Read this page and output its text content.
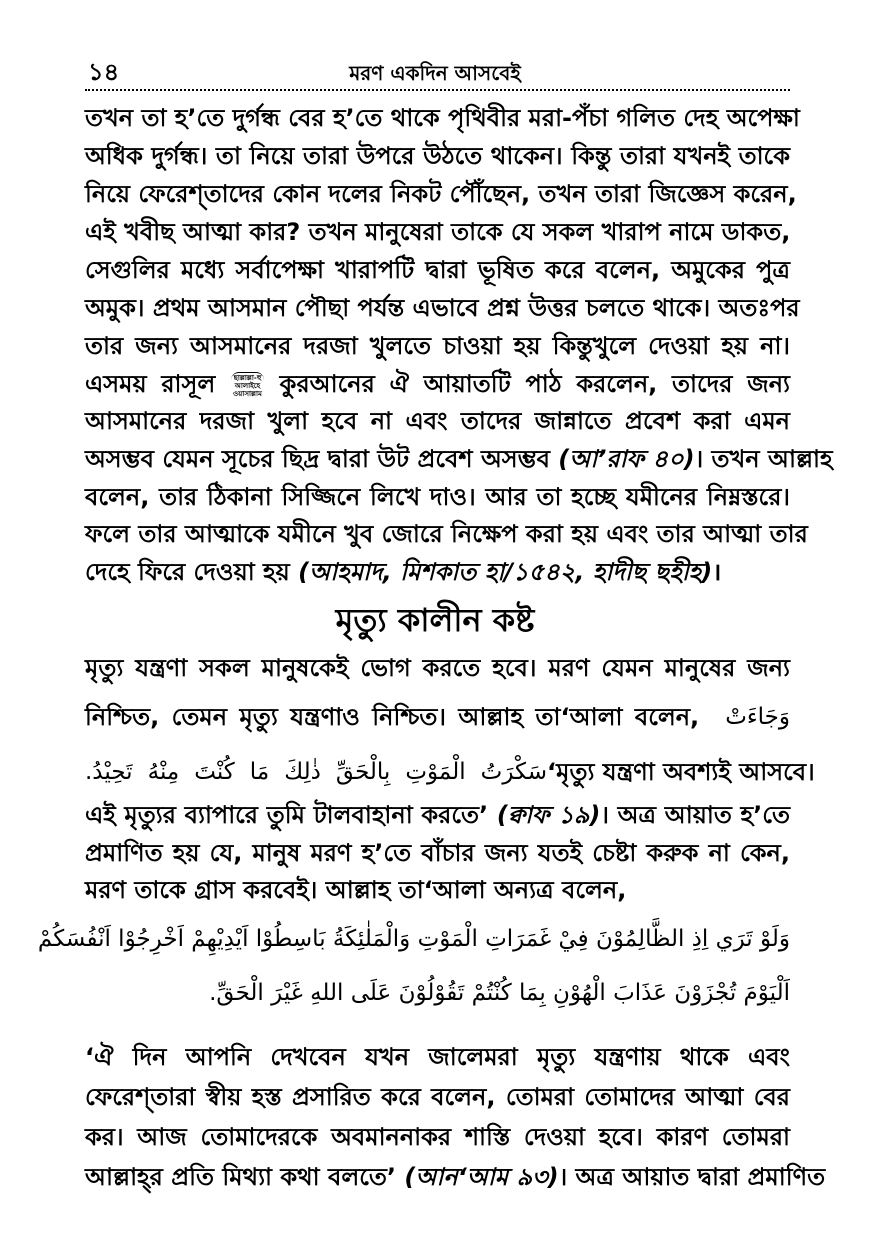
১৪	মরণ একদিন আসবেই
তখন তা হ’তে দুর্গন্ধ বের হ’তে থাকে পৃথিবীর মরা-পঁচা গলিত দেহ অপেক্ষা
অধিক দুর্গন্ধ। তা নিয়ে তারা উপরে উঠতে থাকেন। কিন্তু তারা যখনই তাকে
নিয়ে ফেরেশ্‌তাদের কোন দলের নিকট পৌঁছেন, তখন তারা জিজ্ঞেস করেন,
এই খবীছ আত্মা কার? তখন মানুষেরা তাকে যে সকল খারাপ নামে ডাকত,
সেগুলির মধ্যে সর্বাপেক্ষা খারাপটি দ্বারা ভূষিত করে বলেন, অমুকের পুত্র
অমুক। প্রথম আসমান পৌছা পর্যন্ত এভাবে প্রশ্ন উত্তর চলতে থাকে। অতঃপর
তার জন্য আসমানের দরজা খুলতে চাওয়া হয় কিন্তুখুলে দেওয়া হয় না।
এসময় রাসূল	ছাল্লাল্লা-হু
আলাইহে
ওয়াসাল্লাম কুরআনের ঐ আয়াতটি পাঠ করলেন, তাদের জন্য
আসমানের দরজা খুলা হবে না এবং তাদের জান্নাতে প্রবেশ করা এমন
অসম্ভব যেমন সূচের ছিদ্র দ্বারা উট প্রবেশ অসম্ভব (আ’রাফ ৪০)। তখন আল্লাহ
বলেন, তার ঠিকানা সিজ্জিনে লিখে দাও। আর তা হচ্ছে যমীনের নিম্নস্তরে।
ফলে তার আত্মাকে যমীনে খুব জোরে নিক্ষেপ করা হয় এবং তার আত্মা তার
দেহে ফিরে দেওয়া হয় (আহমাদ, মিশকাত হা/১৫৪২, হাদীছ ছহীহ)।
মৃত্যু কালীন কষ্ট
মৃত্যু যন্ত্রণা সকল মানুষকেই ভোগ করতে হবে। মরণ যেমন মানুষের জন্য
নিশ্চিত, তেমন মৃত্যু যন্ত্রণাও নিশ্চিত। আল্লাহ তা‘আলা বলেন, وَجَاءَتْ
سَكْرَتُ الْمَوْتِ بِالْحَقِّ ذٰلِكَ مَا كُنْتَ مِنْهُ تَحِيْدُ. ‘মৃত্যু যন্ত্রণা অবশ্যই আসবে।
এই মৃত্যুর ব্যাপারে তুমি টালবাহানা করতে’ (ক্বাফ ১৯)। অত্র আয়াত হ’তে
প্রমাণিত হয় যে, মানুষ মরণ হ’তে বাঁচার জন্য যতই চেষ্টা করুক না কেন,
মরণ তাকে গ্রাস করবেই। আল্লাহ তা‘আলা অন্যত্র বলেন,
وَلَوْ تَرَي اِذِ الظَّالِمُوْنَ فِيْ غَمَرَاتِ الْمَوْتِ وَالْمَلٰئِكَةُ بَاسِطُوْا اَيْدِيْهِمْ اَخْرِجُوْا اَنْفُسَكُمْ
اَلْيَوْمَ تُجْزَوْنَ عَذَابَ الْهُوْنِ بِمَا كُنْتُمْ تَقُوْلُوْنَ عَلَى اللهِ غَيْرَ الْحَقِّ.
‘ঐ দিন আপনি দেখবেন যখন জালেমরা মৃত্যু যন্ত্রণায় থাকে এবং
ফেরেশ্‌তারা স্বীয় হস্ত প্রসারিত করে বলেন, তোমরা তোমাদের আত্মা বের
কর। আজ তোমাদেরকে অবমাননাকর শাস্তি দেওয়া হবে। কারণ তোমরা
আল্লাহ্‌র প্রতি মিথ্যা কথা বলতে’ (আন‘আম ৯৩)। অত্র আয়াত দ্বারা প্রমাণিত
